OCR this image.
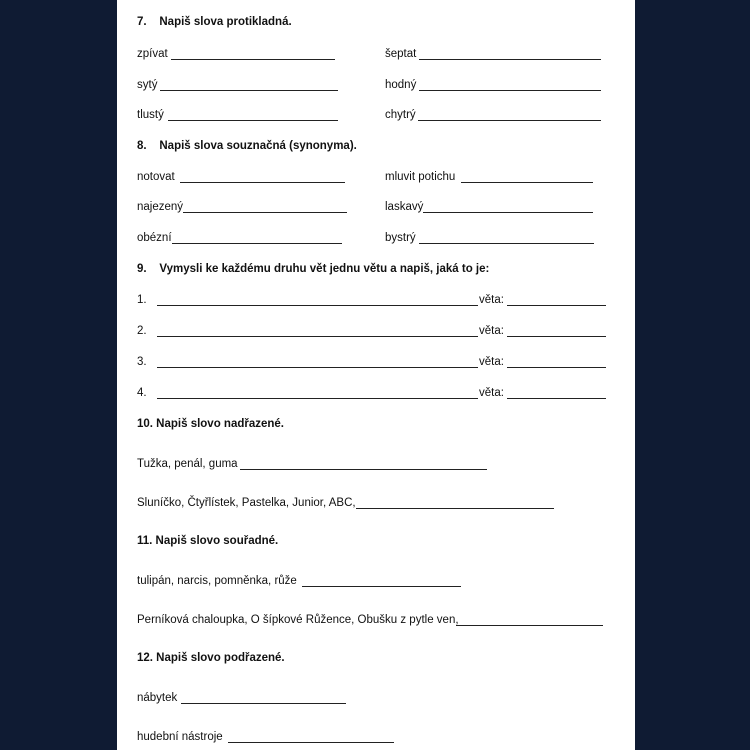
7.    Napiš slova protikladná.
zpívat	šeptat
sytý	hodný
tlustý	chytrý
8.    Napiš slova souznačná (synonyma).
notovat	mluvit potichu
najezený	laskavý
obézní	bystrý
9.    Vymysli ke každému druhu vět jednu větu a napiš, jaká to je:
1.	věta:
2.	věta:
3.	věta:
4.	věta:
10. Napiš slovo nadřazené.
Tužka, penál, guma
Sluníčko, Čtyřlístek, Pastelka, Junior, ABC,
11. Napiš slovo souřadné.
tulipán, narcis, pomněnka, růže
Perníková chaloupka, O šípkové Růžence, Obušku z pytle ven,
12. Napiš slovo podřazené.
nábytek
hudební nástroje
